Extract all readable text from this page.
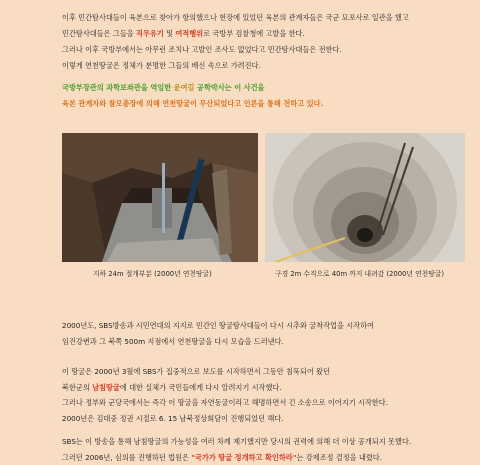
이후 민간탐사대들이 육본으로 찾아가 항의했으나 현장에 있었던 육본의 관계자들은 국군 묘포사로 일관을 했고
민간탐사대들은 그들을 직무유기 및 여적행위로 국방부 검찰청에 고발을 한다.
그러나 이후 국방부에서는 아무런 조치나 고발인 조사도 없었다고 민간탐사대들은 전한다.
이렇게 연천땅굴은 정체가 분명한 그들의 배신 속으로 가려진다.
국방부장관의 과학보좌관을 역임한 윤여길 공학박사는 이 사건을
육본 관계자와 참모총장에 의해 연천땅굴이 무산되었다고 언론을 통해 전하고 있다.
지하 24m 절개부분 (2000년 연천땅굴)	구경 2m 수직으로 40m 까지 내려감 (2000년 연천땅굴)
2000년도, SBS방송과 시민연대의 지지로 민간인 땅굴탐사대들이 다시 시추와 굴착작업을 시작하여
임진강변과 그 북쪽 500m 지점에서 연천땅굴을 다시 모습을 드러낸다.
이 땅굴은 2000년 3월에 SBS가 집중적으로 보도를 시작하면서 그동안 침묵되어 왔던
북한군의 남침땅굴에 대한 실체가 국민들에게 다시 알려지기 시작했다.
그러나 정부와 군당국에서는 즉각 이 땅굴을 자연동굴이라고 해명하면서 긴 소송으로 이어지기 시작한다.
2000년은 김대중 정권 시절로 6. 15 남북정상회담이 진행되었던 해다.
SBS는 이 방송을 통해 남침땅굴의 가능성을 여러 차례 제기했지만 당시의 권력에 의해 더 이상 공개되지 못했다.
그러던 2006년, 심의를 진행하던 법원은 "국가가 땅굴 정개하고 확인하라"는 강제조정 결정을 내렸다.
